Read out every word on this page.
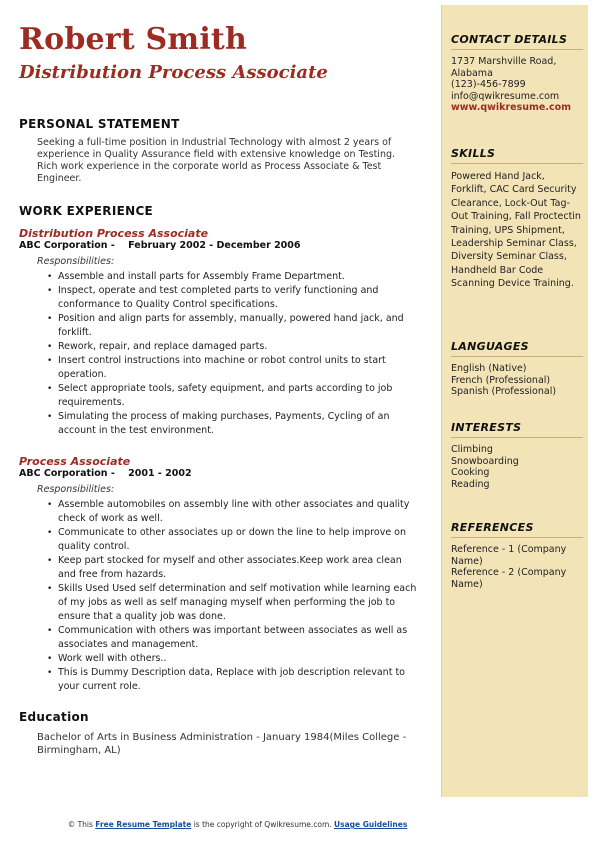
Robert Smith
Distribution Process Associate
PERSONAL STATEMENT
Seeking a full-time position in Industrial Technology with almost 2 years of experience in Quality Assurance field with extensive knowledge on Testing. Rich work experience in the corporate world as Process Associate & Test Engineer.
WORK EXPERIENCE
Distribution Process Associate
ABC Corporation - February 2002 - December 2006
Responsibilities:
• Assemble and install parts for Assembly Frame Department.
• Inspect, operate and test completed parts to verify functioning and conformance to Quality Control specifications.
• Position and align parts for assembly, manually, powered hand jack, and forklift.
• Rework, repair, and replace damaged parts.
• Insert control instructions into machine or robot control units to start operation.
• Select appropriate tools, safety equipment, and parts according to job requirements.
• Simulating the process of making purchases, Payments, Cycling of an account in the test environment.
Process Associate
ABC Corporation - 2001 - 2002
Responsibilities:
• Assemble automobiles on assembly line with other associates and quality check of work as well.
• Communicate to other associates up or down the line to help improve on quality control.
• Keep part stocked for myself and other associates.Keep work area clean and free from hazards.
• Skills Used Used self determination and self motivation while learning each of my jobs as well as self managing myself when performing the job to ensure that a quality job was done.
• Communication with others was important between associates as well as associates and management.
• Work well with others..
• This is Dummy Description data, Replace with job description relevant to your current role.
Education
Bachelor of Arts in Business Administration - January 1984(Miles College - Birmingham, AL)
CONTACT DETAILS
1737 Marshville Road,
Alabama
(123)-456-7899
info@qwikresume.com
www.qwikresume.com
SKILLS
Powered Hand Jack, Forklift, CAC Card Security Clearance, Lock-Out Tag-Out Training, Fall Proctectin Training, UPS Shipment, Leadership Seminar Class, Diversity Seminar Class, Handheld Bar Code Scanning Device Training.
LANGUAGES
English (Native)
French (Professional)
Spanish (Professional)
INTERESTS
Climbing
Snowboarding
Cooking
Reading
REFERENCES
Reference - 1 (Company Name)
Reference - 2 (Company Name)
© This Free Resume Template is the copyright of Qwikresume.com. Usage Guidelines
